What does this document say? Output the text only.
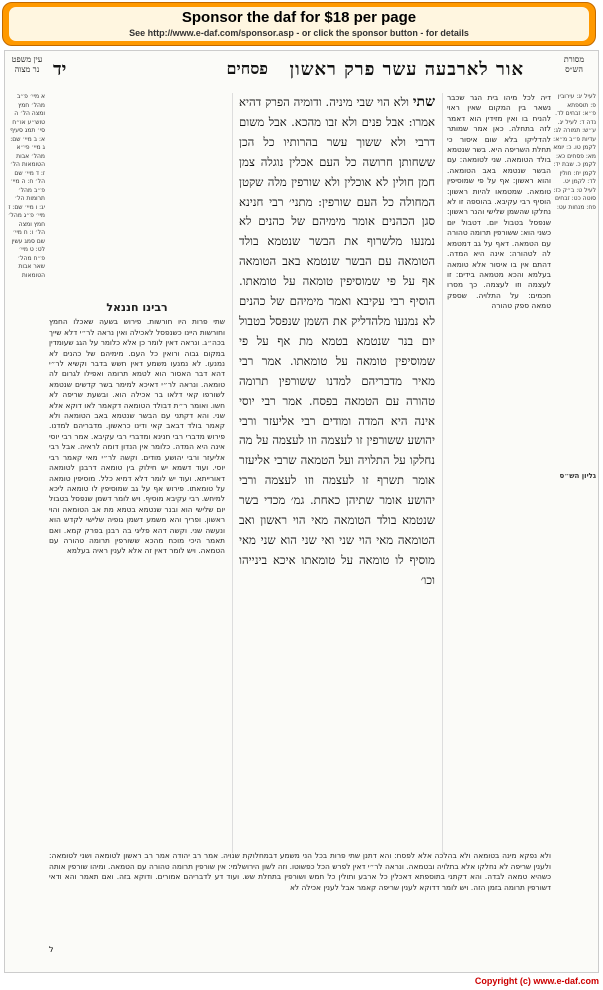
Sponsor the daf for $18 per page
See http://www.e-daf.com/sponsor.asp - or click the sponsor button - for details
מסורת הש״ס
אור לארבעה עשר פרק ראשון
פסחים
יד
עין משפט נר מצוה
לעיל יג: עירובין פ: תוספתא פ״א: זבחים לד. נדה ד: לעיל יג. ע״ש: תמורה לג: עדיות פ״ב מ״א: לקמן טו. כ: יומא מא: פסחים כא: לקמן כ. שבת יד: לקמן יח: חולין לד: לקמן יט. לעיל ט: ב״ק כז: סוטה כט: זבחים פח: מנחות עט:
גליון הש״ס
א מיי׳ פ״ב מהל׳ חמץ ומצה הל׳ ה טוש״ע או״ח סי׳ תמג סעיף א: ב מיי׳ שם: ג מיי׳ פי״א מהל׳ אבות הטומאות הל׳ ז: ד מיי׳ שם הל׳ ח: ה מיי׳ פ״ב מהל׳ תרומות הל׳ יג: ו מיי׳ שם: ז מיי׳ פ״ג מהל׳ חמץ ומצה הל׳ ו: ח מיי׳ שם סמג עשין לט: ט מיי׳ פ״ח מהל׳ שאר אבות הטומאות
דיה לכל מיהו בית הגר שכבר נשאר בין המקום שאין ראוי להניח בו ואין מזידין הוא דאמר לזה בתחלה. כאן אמר שמותר להדליקו בלא שום איסור כי תחלת השריפה היא. בשר שנטמא בולד הטומאה. שני לטומאה: עם הבשר שנטמא באב הטומאה. והוא ראשון: אף על פי שמוסיפין טומאה. שמטמאו להיות ראשון: הוסיף רבי עקיבא. בהוספה זו לא נחלקו שהשמן שלישי והנר ראשון: שנפסל בטבול יום. דטבול יום כשני הוא: ששורפין תרומה טהורה עם הטמאה. דאף על גב דמטמא לה לטהורה: אינה היא המדה. דהתם אין בו איסור אלא טומאה בעלמא והכא מטמאה בידים: זו לעצמה וזו לעצמה. כך מסרו חכמים: על התלויה. שספק טמאה ספק טהורה
שתי ולא הוי שבי מיניה. ודומיה הפרק דהיא אמרו: אבל פנים ולא זבו מהכא. אבל משום דרבי ולא ששוך עשר בהרותיו כל הכן ששחותן חרושה כל העם אכלין נוגלה צמן חמן חולין לא אוכלין ולא שורפין מלה שקטן המחולה כל העם שורפין: מתני׳ רבי חנינא סגן הכהנים אומר מימיהם של כהנים לא נמנעו מלשרוף את הבשר שנטמא בולד הטומאה עם הבשר שנטמא באב הטומאה אף על פי שמוסיפין טומאה על טומאתו. הוסיף רבי עקיבא ואמר מימיהם של כהנים לא נמנעו מלהדליק את השמן שנפסל בטבול יום בנר שנטמא בטמא מת אף על פי שמוסיפין טומאה על טומאתו. אמר רבי מאיר מדבריהם למדנו ששורפין תרומה טהורה עם הטמאה בפסח. אמר רבי יוסי אינה היא המדה ומודים רבי אליעזר ורבי יהושע ששורפין זו לעצמה וזו לעצמה על מה נחלקו על התלויה ועל הטמאה שרבי אליעזר אומר תשרף זו לעצמה וזו לעצמה ורבי יהושע אומר שתיהן כאחת. גמ׳ מכדי בשר שנטמא בולד הטומאה מאי הוי ראשון ואב הטומאה מאי הוי שני ואי שני הוא שני מאי מוסיף לו טומאה על טומאתו איכא בינייהו וכו׳
רבינו חננאל
שתי פרות היו חורשות. פירוש בשעה שאכלו החמץ וחורשות היינו כשנפסל לאכילה ואין נראה לר״י דלא שייך בכה״ג. ונראה דאין לומר כן אלא כלומר על הגג שעומדין במקום גבוה ורואין כל העם. מימיהם של כהנים לא נמנעו. לא נמנעו משמע דאין חשש בדבר וקשיא לר״י דהא דבר האסור הוא לטמא תרומה ואפילו לגרום לה טומאה. ונראה לר״י דאיכא למימר בשר קדשים שנטמא לשורפו קאי דלאו בר אכילה הוא. ובשעת שריפה לא חשו. ואומר ר״ת דבולד הטומאה דקאמר לאו דוקא אלא שני. והא דקתני עם הבשר שנטמא באב הטומאה ולא קאמר בולד דבאב קאי ודינו כראשון. מדבריהם למדנו. פירוש מדברי רבי חנינא ומדברי רבי עקיבא. אמר רבי יוסי אינה היא המדה. כלומר אין הנדון דומה לראיה. אבל רבי אליעזר ורבי יהושע מודים. וקשה לר״י מאי קאמר רבי יוסי. ועוד דשמא יש חילוק בין טומאה דרבנן לטומאה דאורייתא. ועוד יש לומר דלא דמיא כלל. מוסיפין טומאה על טומאתו. פירוש אף על גב שמוסיפין לו טומאה ליכא למיחש. רבי עקיבא מוסיף. ויש לומר דשמן שנפסל בטבול יום שלישי הוא ובנר שנטמא בטמא מת אב הטומאה והוי ראשון. ופריך והא משמע דשמן גופיה שלישי לקדש הוא ונעשה שני. וקשה דהא פליגי בה רבנן בפרק קמא. ואם תאמר היכי מוכח מהכא ששורפין תרומה טהורה עם הטמאה. ויש לומר דאין זה אלא לענין ראיה בעלמא
ולא נפקא מינה בטומאה ולא בהלכה אלא לפסח: והא דתנן שתי פרות בכל הני משמע דבמחלוקת שנויה. אמר רב יהודה אמר רב ראשון לטומאה ושני לטומאה: ולענין שריפה לא נחלקו אלא בתלויה ובטמאה. ונראה לר״י דאין לפרש הכל כפשוטו. וזה לשון הירושלמי: אין שורפין תרומה טהורה עם הטמאה. ומיהו שורפין אותה כשהיא טמאה לבדה. והא דקתני בתוספתא דאכלין כל ארבע ותולין כל חמש ושורפין בתחלת שש. ועוד דע לדבריהם אמורים. ודוקא בזה. ואם תאמר והא ודאי דשורפין תרומה בזמן הזה. ויש לומר דדוקא לענין שריפה קאמר אבל לענין אכילה לא
ל
Copyright (c) www.e-daf.com
